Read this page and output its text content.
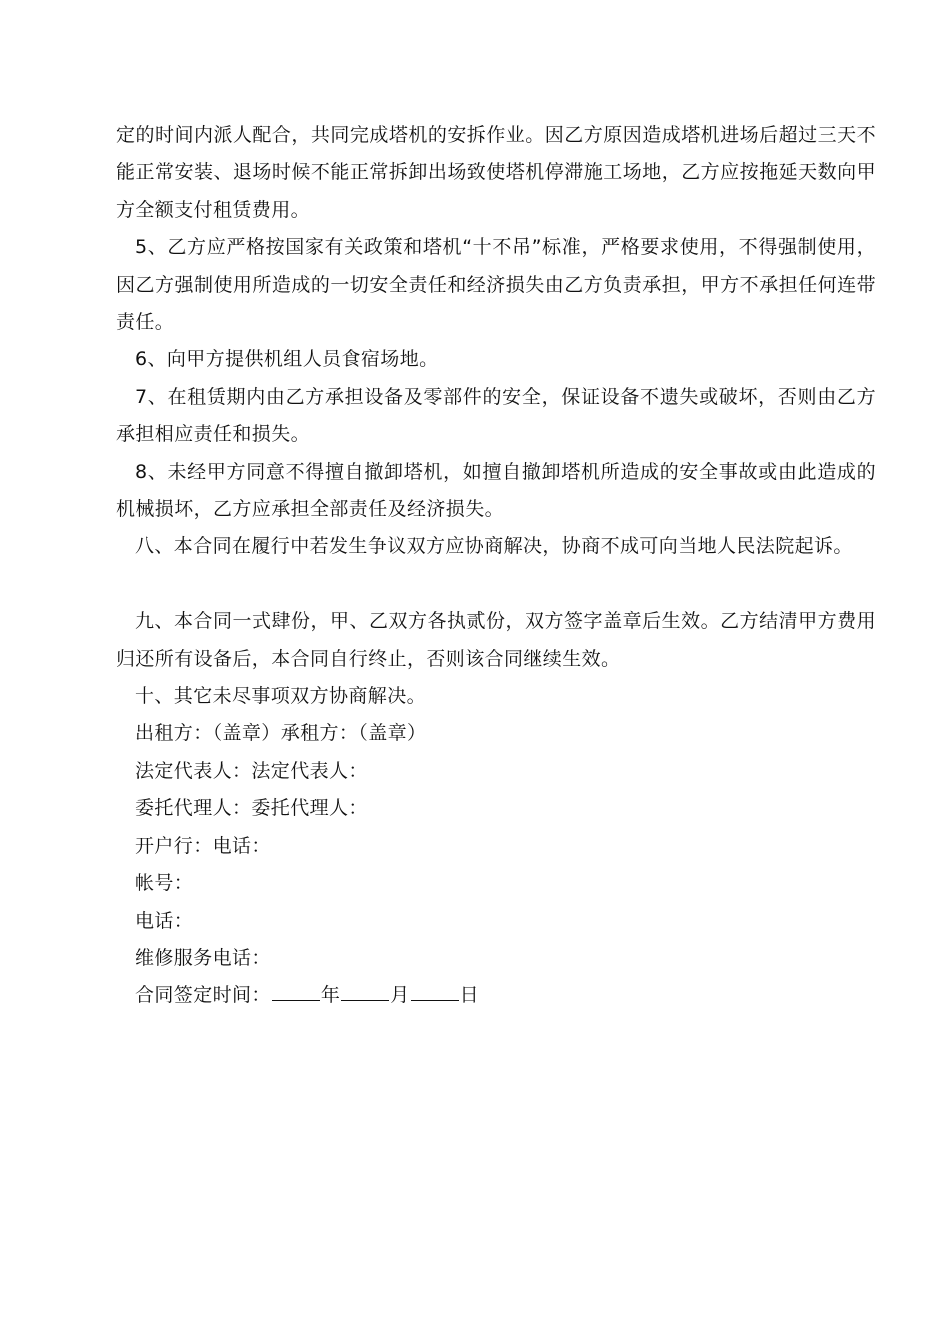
定的时间内派人配合，共同完成塔机的安拆作业。因乙方原因造成塔机进场后超过三天不能正常安装、退场时候不能正常拆卸出场致使塔机停滞施工场地，乙方应按拖延天数向甲方全额支付租赁费用。

5、乙方应严格按国家有关政策和塔机“十不吊”标准，严格要求使用，不得强制使用，因乙方强制使用所造成的一切安全责任和经济损失由乙方负责承担，甲方不承担任何连带责任。

6、向甲方提供机组人员食宿场地。

7、在租赁期内由乙方承担设备及零部件的安全，保证设备不遗失或破坏，否则由乙方承担相应责任和损失。

8、未经甲方同意不得擅自撤卸塔机，如擅自撤卸塔机所造成的安全事故或由此造成的机械损坏，乙方应承担全部责任及经济损失。

八、本合同在履行中若发生争议双方应协商解决，协商不成可向当地人民法院起诉。

九、本合同一式肆份，甲、乙双方各执贰份，双方签字盖章后生效。乙方结清甲方费用归还所有设备后，本合同自行终止，否则该合同继续生效。

十、其它未尽事项双方协商解决。

出租方：（盖章）承租方：（盖章）

法定代表人：法定代表人：

委托代理人：委托代理人：

开户行：电话：

帐号：

电话：

维修服务电话：

合同签定时间：	年	月	日
